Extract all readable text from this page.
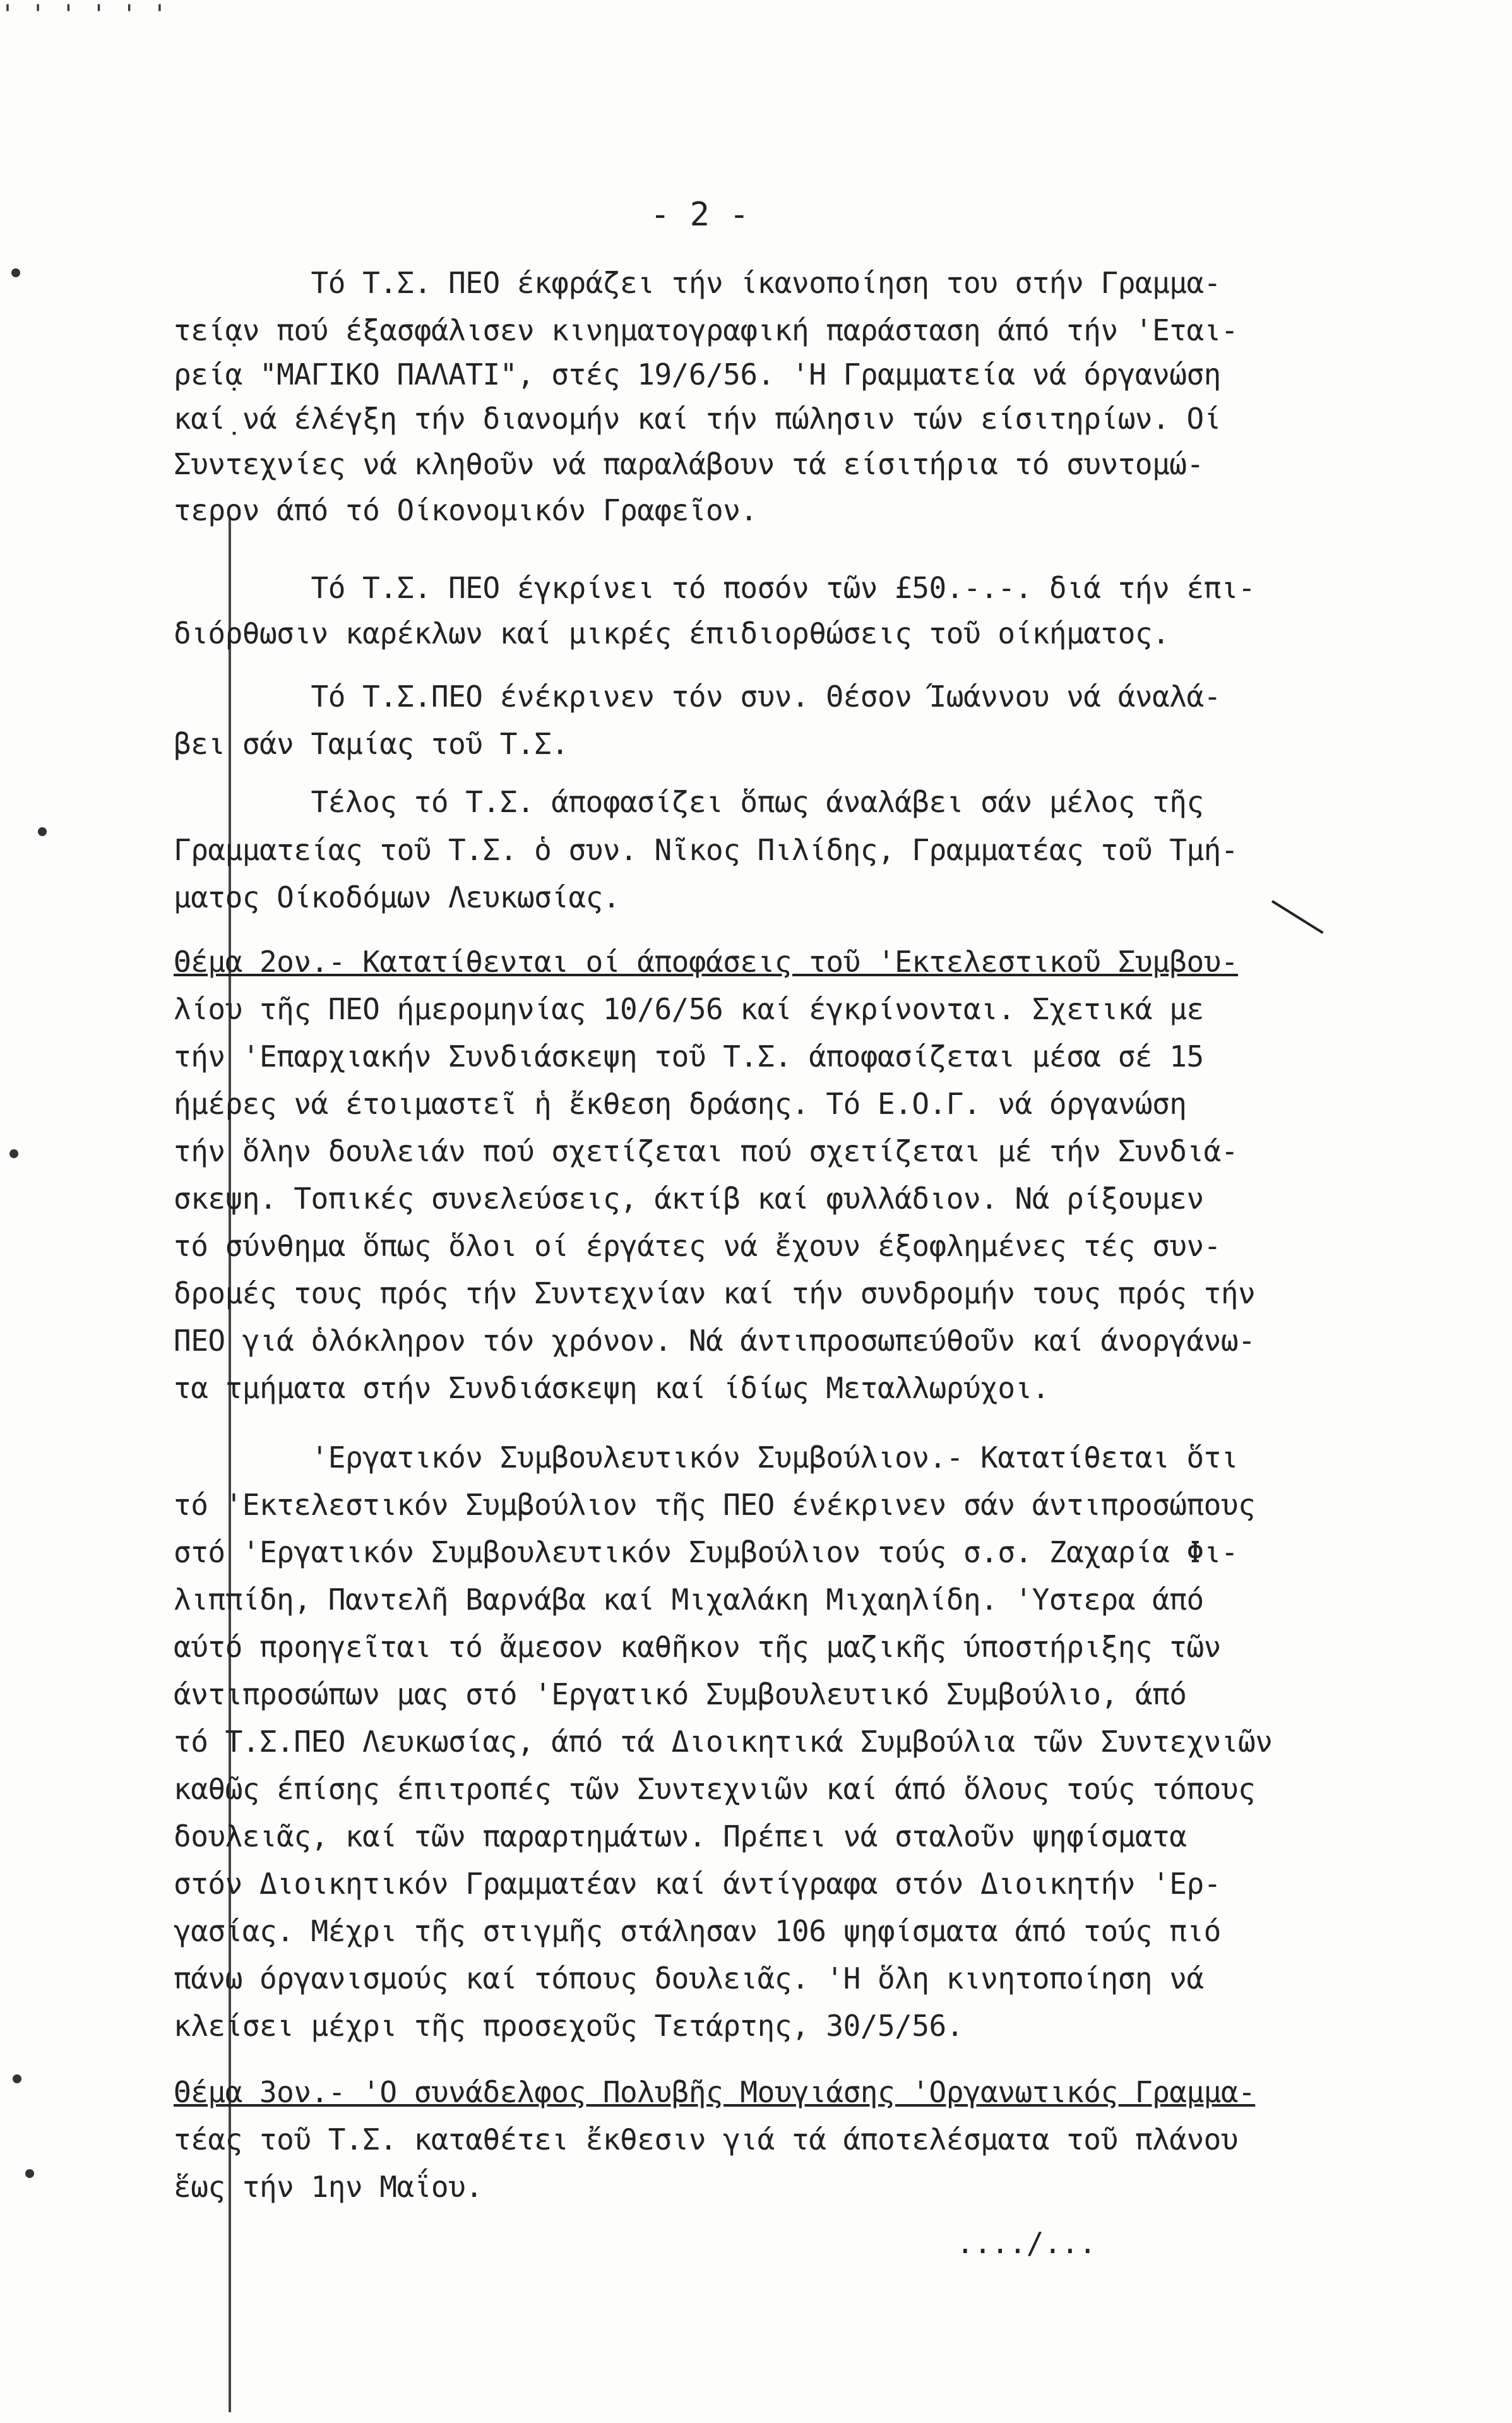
' ' ' ' ' '
- 2 -
Τό Τ.Σ. ΠΕΟ έκφράζει τήν ίκανοποίηση του στήν Γραμμα-
τεί̣αν πού έξασφάλισεν κινηματογραφική παράσταση άπό τήν 'Εται-
ρεί̣α "ΜΑΓΙΚΟ ΠΑΛΑΤΙ", στές 19/6/56. 'Η Γραμματεία νά όργανώση
καί̣ νά έλέγξη τήν διανομήν καί τήν πώλησιν τών είσιτηρίων. Οί
Συντεχνίες νά κληθοῦν νά παραλάβουν τά είσιτήρια τό συντομώ-
τερον άπό τό Οίκονομικόν Γραφεῖον.
Τό Τ.Σ. ΠΕΟ έγκρίνει τό ποσόν τῶν £50.-.-. διά τήν έπι-
διόρθωσιν καρέκλων καί μικρές έπιδιορθώσεις τοῦ οίκήματος.
Τό Τ.Σ.ΠΕΟ ένέκρινεν τόν συν. Θέσον Ίωάννου νά άναλά-
βει σάν Ταμίας τοῦ Τ.Σ.
Τέλος τό Τ.Σ. άποφασίζει ὅπως άναλάβει σάν μέλος τῆς
Γραμματείας τοῦ Τ.Σ. ὁ συν. Νῖκος Πιλίδης, Γραμματέας τοῦ Τμή-
ματος Οίκοδόμων Λευκωσίας.
Θέμα 2ον.- Κατατίθενται οί άποφάσεις τοῦ 'Εκτελεστικοῦ Συμβου-
λίου τῆς ΠΕΟ ήμερομηνίας 10/6/56 καί έγκρίνονται. Σχετικά με
τήν 'Επαρχιακήν Συνδιάσκεψη τοῦ Τ.Σ. άποφασίζεται μέσα σέ 15
ήμέρες νά έτοιμαστεῖ ἡ ἔκθεση δράσης. Τό Ε.Ο.Γ. νά όργανώση
τήν ὅλην δουλειάν πού σχετίζεται πού σχετίζεται μέ τήν Συνδιά-
σκεψη. Τοπικές συνελεύσεις, άκτίβ καί φυλλάδιον. Νά ρίξουμεν
τό σύνθημα ὅπως ὅλοι οί έργάτες νά ἔχουν έξοφλημένες τές συν-
δρομές τους πρός τήν Συντεχνίαν καί τήν συνδρομήν τους πρός τήν
ΠΕΟ γιά ὁλόκληρον τόν χρόνον. Νά άντιπροσωπεύθοῦν καί άνοργάνω-
τα τμήματα στήν Συνδιάσκεψη καί ίδίως Μεταλλωρύχοι.
'Εργατικόν Συμβουλευτικόν Συμβούλιον.- Κατατίθεται ὅτι
τό 'Εκτελεστικόν Συμβούλιον τῆς ΠΕΟ ένέκρινεν σάν άντιπροσώπους
στό 'Εργατικόν Συμβουλευτικόν Συμβούλιον τούς σ.σ. Ζαχαρία Φι-
λιππίδη, Παντελῆ Βαρνάβα καί Μιχαλάκη Μιχαηλίδη. 'Υστερα άπό
αύτό προηγεῖται τό ἄμεσον καθῆκον τῆς μαζικῆς ύποστήριξης τῶν
άντιπροσώπων μας στό 'Εργατικό Συμβουλευτικό Συμβούλιο, άπό
τό Τ.Σ.ΠΕΟ Λευκωσίας, άπό τά Διοικητικά Συμβούλια τῶν Συντεχνιῶν
καθῶς έπίσης έπιτροπές τῶν Συντεχνιῶν καί άπό ὅλους τούς τόπους
δουλειᾶς, καί τῶν παραρτημάτων. Πρέπει νά σταλοῦν ψηφίσματα
στόν Διοικητικόν Γραμματέαν καί άντίγραφα στόν Διοικητήν 'Ερ-
γασίας. Μέχρι τῆς στιγμῆς στάλησαν 106 ψηφίσματα άπό τούς πιό
πάνω όργανισμούς καί τόπους δουλειᾶς. 'Η ὅλη κινητοποίηση νά
κλείσει μέχρι τῆς προσεχοῦς Τετάρτης, 30/5/56.
Θέμα 3ον.- 'Ο συνάδελφος Πολυβῆς Μουγιάσης 'Οργανωτικός Γραμμα-
τέας τοῦ Τ.Σ. καταθέτει ἔκθεσιν γιά τά άποτελέσματα τοῦ πλάνου
ἕως τήν 1ην Μαΐου.
..../...
